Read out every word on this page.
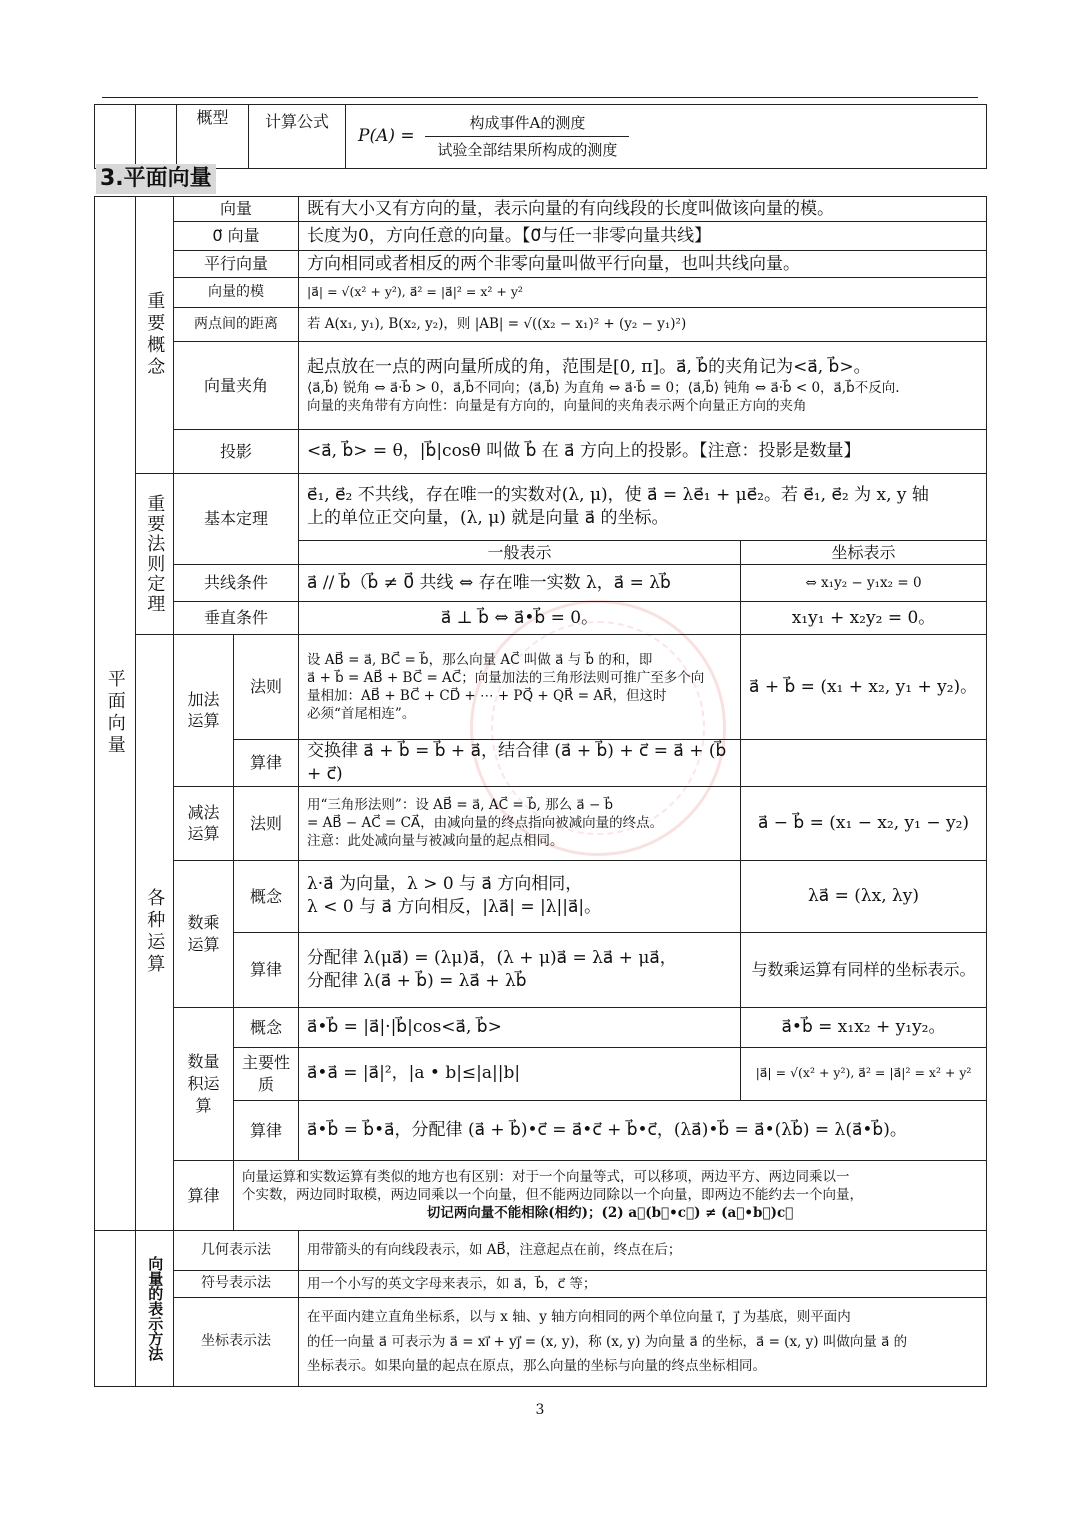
		概型	计算公式	$P(A) = \frac{\text{构成事件A的测度}}{\text{试验全部结果所构成的测度}}$
3.平面向量
平面向量	重要概念	向量		既有大小又有方向的量，表示向量的有向线段的长度叫做该向量的模。	
		0⃗ 向量		长度为0，方向任意的向量。【0⃗与任一非零向量共线】	
		平行向量		方向相同或者相反的两个非零向量叫做平行向量，也叫共线向量。	
		向量的模		|a⃗| = √(x² + y²), a⃗² = |a⃗|² = x² + y²	
		两点间的距离		若 A(x₁, y₁), B(x₂, y₂)，则 |AB| = √((x₂ − x₁)² + (y₂ − y₁)²)	
		向量夹角		起点放在一点的两向量所成的角，范围是[0, π]。a⃗, b⃗的夹角记为<a⃗, b⃗>。
⟨a⃗,b⃗⟩ 锐角 ⇔ a⃗·b⃗ > 0，a⃗,b⃗不同向；⟨a⃗,b⃗⟩ 为直角 ⇔ a⃗·b⃗ = 0；⟨a⃗,b⃗⟩ 钝角 ⇔ a⃗·b⃗ < 0，a⃗,b⃗不反向.
向量的夹角带有方向性：向量是有方向的，向量间的夹角表示两个向量正方向的夹角	

		投影		<a⃗, b⃗> = θ，|b⃗|cosθ 叫做 b⃗ 在 a⃗ 方向上的投影。【注意：投影是数量】	
	重要法则定理	基本定理		e⃗₁, e⃗₂ 不共线，存在唯一的实数对(λ, μ)，使 a⃗ = λe⃗₁ + μe⃗₂。若 e⃗₁, e⃗₂ 为 x, y 轴
上的单位正交向量，(λ, μ) 就是向量 a⃗ 的坐标。	

				一般表示	坐标表示
		共线条件		a⃗ // b⃗（b⃗ ≠ 0⃗ 共线 ⇔ 存在唯一实数 λ，a⃗ = λb⃗	⇔ x₁y₂ − y₁x₂ = 0
		垂直条件		a⃗ ⊥ b⃗ ⇔ a⃗•b⃗ = 0。	x₁y₁ + x₂y₂ = 0。
	各种运算	加法运算	法则	设 AB⃗ = a⃗, BC⃗ = b⃗，那么向量 AC⃗ 叫做 a⃗ 与 b⃗ 的和，即
a⃗ + b⃗ = AB⃗ + BC⃗ = AC⃗；向量加法的三角形法则可推广至多个向
量相加：AB⃗ + BC⃗ + CD⃗ + ⋯ + PQ⃗ + QR⃗ = AR⃗，但这时
必须“首尾相连”。	a⃗ + b⃗ = (x₁ + x₂, y₁ + y₂)。
			算律	交换律 a⃗ + b⃗ = b⃗ + a⃗，结合律 (a⃗ + b⃗) + c⃗ = a⃗ + (b⃗ + c⃗)	
		减法运算	法则	用“三角形法则”：设 AB⃗ = a⃗, AC⃗ = b⃗, 那么 a⃗ − b⃗
= AB⃗ − AC⃗ = CA⃗，由减向量的终点指向被减向量的终点。
注意：此处减向量与被减向量的起点相同。	a⃗ − b⃗ = (x₁ − x₂, y₁ − y₂)
		数乘运算	概念	λ·a⃗ 为向量，λ > 0 与 a⃗ 方向相同，
λ < 0 与 a⃗ 方向相反，|λa⃗| = |λ||a⃗|。	λa⃗ = (λx, λy)
			算律	分配律 λ(μa⃗) = (λμ)a⃗，(λ + μ)a⃗ = λa⃗ + μa⃗，
分配律 λ(a⃗ + b⃗) = λa⃗ + λb⃗	与数乘运算有同样的坐标表示。
		数量积运算	概念	a⃗•b⃗ = |a⃗|·|b⃗|cos<a⃗, b⃗>	a⃗•b⃗ = x₁x₂ + y₁y₂。
			主要性质	a⃗•a⃗ = |a⃗|²，|a • b|≤|a||b|	|a⃗| = √(x² + y²), a⃗² = |a⃗|² = x² + y²
			算律	a⃗•b⃗ = b⃗•a⃗，分配律 (a⃗ + b⃗)•c⃗ = a⃗•c⃗ + b⃗•c⃗，(λa⃗)•b⃗ = a⃗•(λb⃗) = λ(a⃗•b⃗)。	
		算律	向量运算和实数运算有类似的地方也有区别：对于一个向量等式，可以移项，两边平方、两边同乘以一
个实数，两边同时取模，两边同乘以一个向量，但不能两边同除以一个向量，即两边不能约去一个向量，
切记两向量不能相除(相约)；(2) a⃗(b⃗•c⃗) ≠ (a⃗•b⃗)c⃗		

	向量的表示方法	几何表示法		用带箭头的有向线段表示，如 AB⃗，注意起点在前，终点在后；	
		符号表示法		用一个小写的英文字母来表示，如 a⃗，b⃗，c⃗ 等；	
		坐标表示法		在平面内建立直角坐标系，以与 x 轴、y 轴方向相同的两个单位向量 i⃗，j⃗ 为基底，则平面内
的任一向量 a⃗ 可表示为 a⃗ = xi⃗ + yj⃗ = (x, y)，称 (x, y) 为向量 a⃗ 的坐标，a⃗ = (x, y) 叫做向量 a⃗ 的
坐标表示。如果向量的起点在原点，那么向量的坐标与向量的终点坐标相同。	
3
